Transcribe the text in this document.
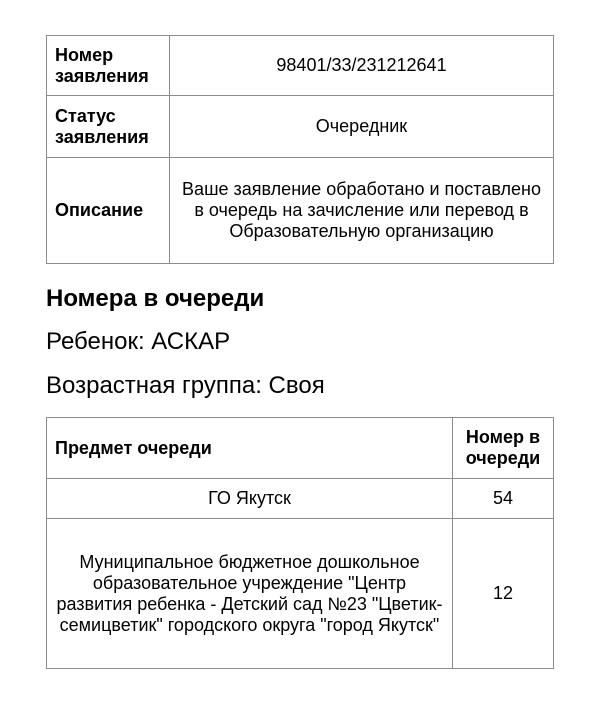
Номер заявления	98401/33/231212641
Статус заявления	Очередник
Описание	Ваше заявление обработано и поставлено в очередь на зачисление или перевод в Образовательную организацию
Номера в очереди

Ребенок: АСКАР

Возрастная группа: Своя

Предмет очереди	Номер в очереди
ГО Якутск	54
Муниципальное бюджетное дошкольное образовательное учреждение "Центр развития ребенка - Детский сад №23 "Цветик-семицветик" городского округа "город Якутск"	12
